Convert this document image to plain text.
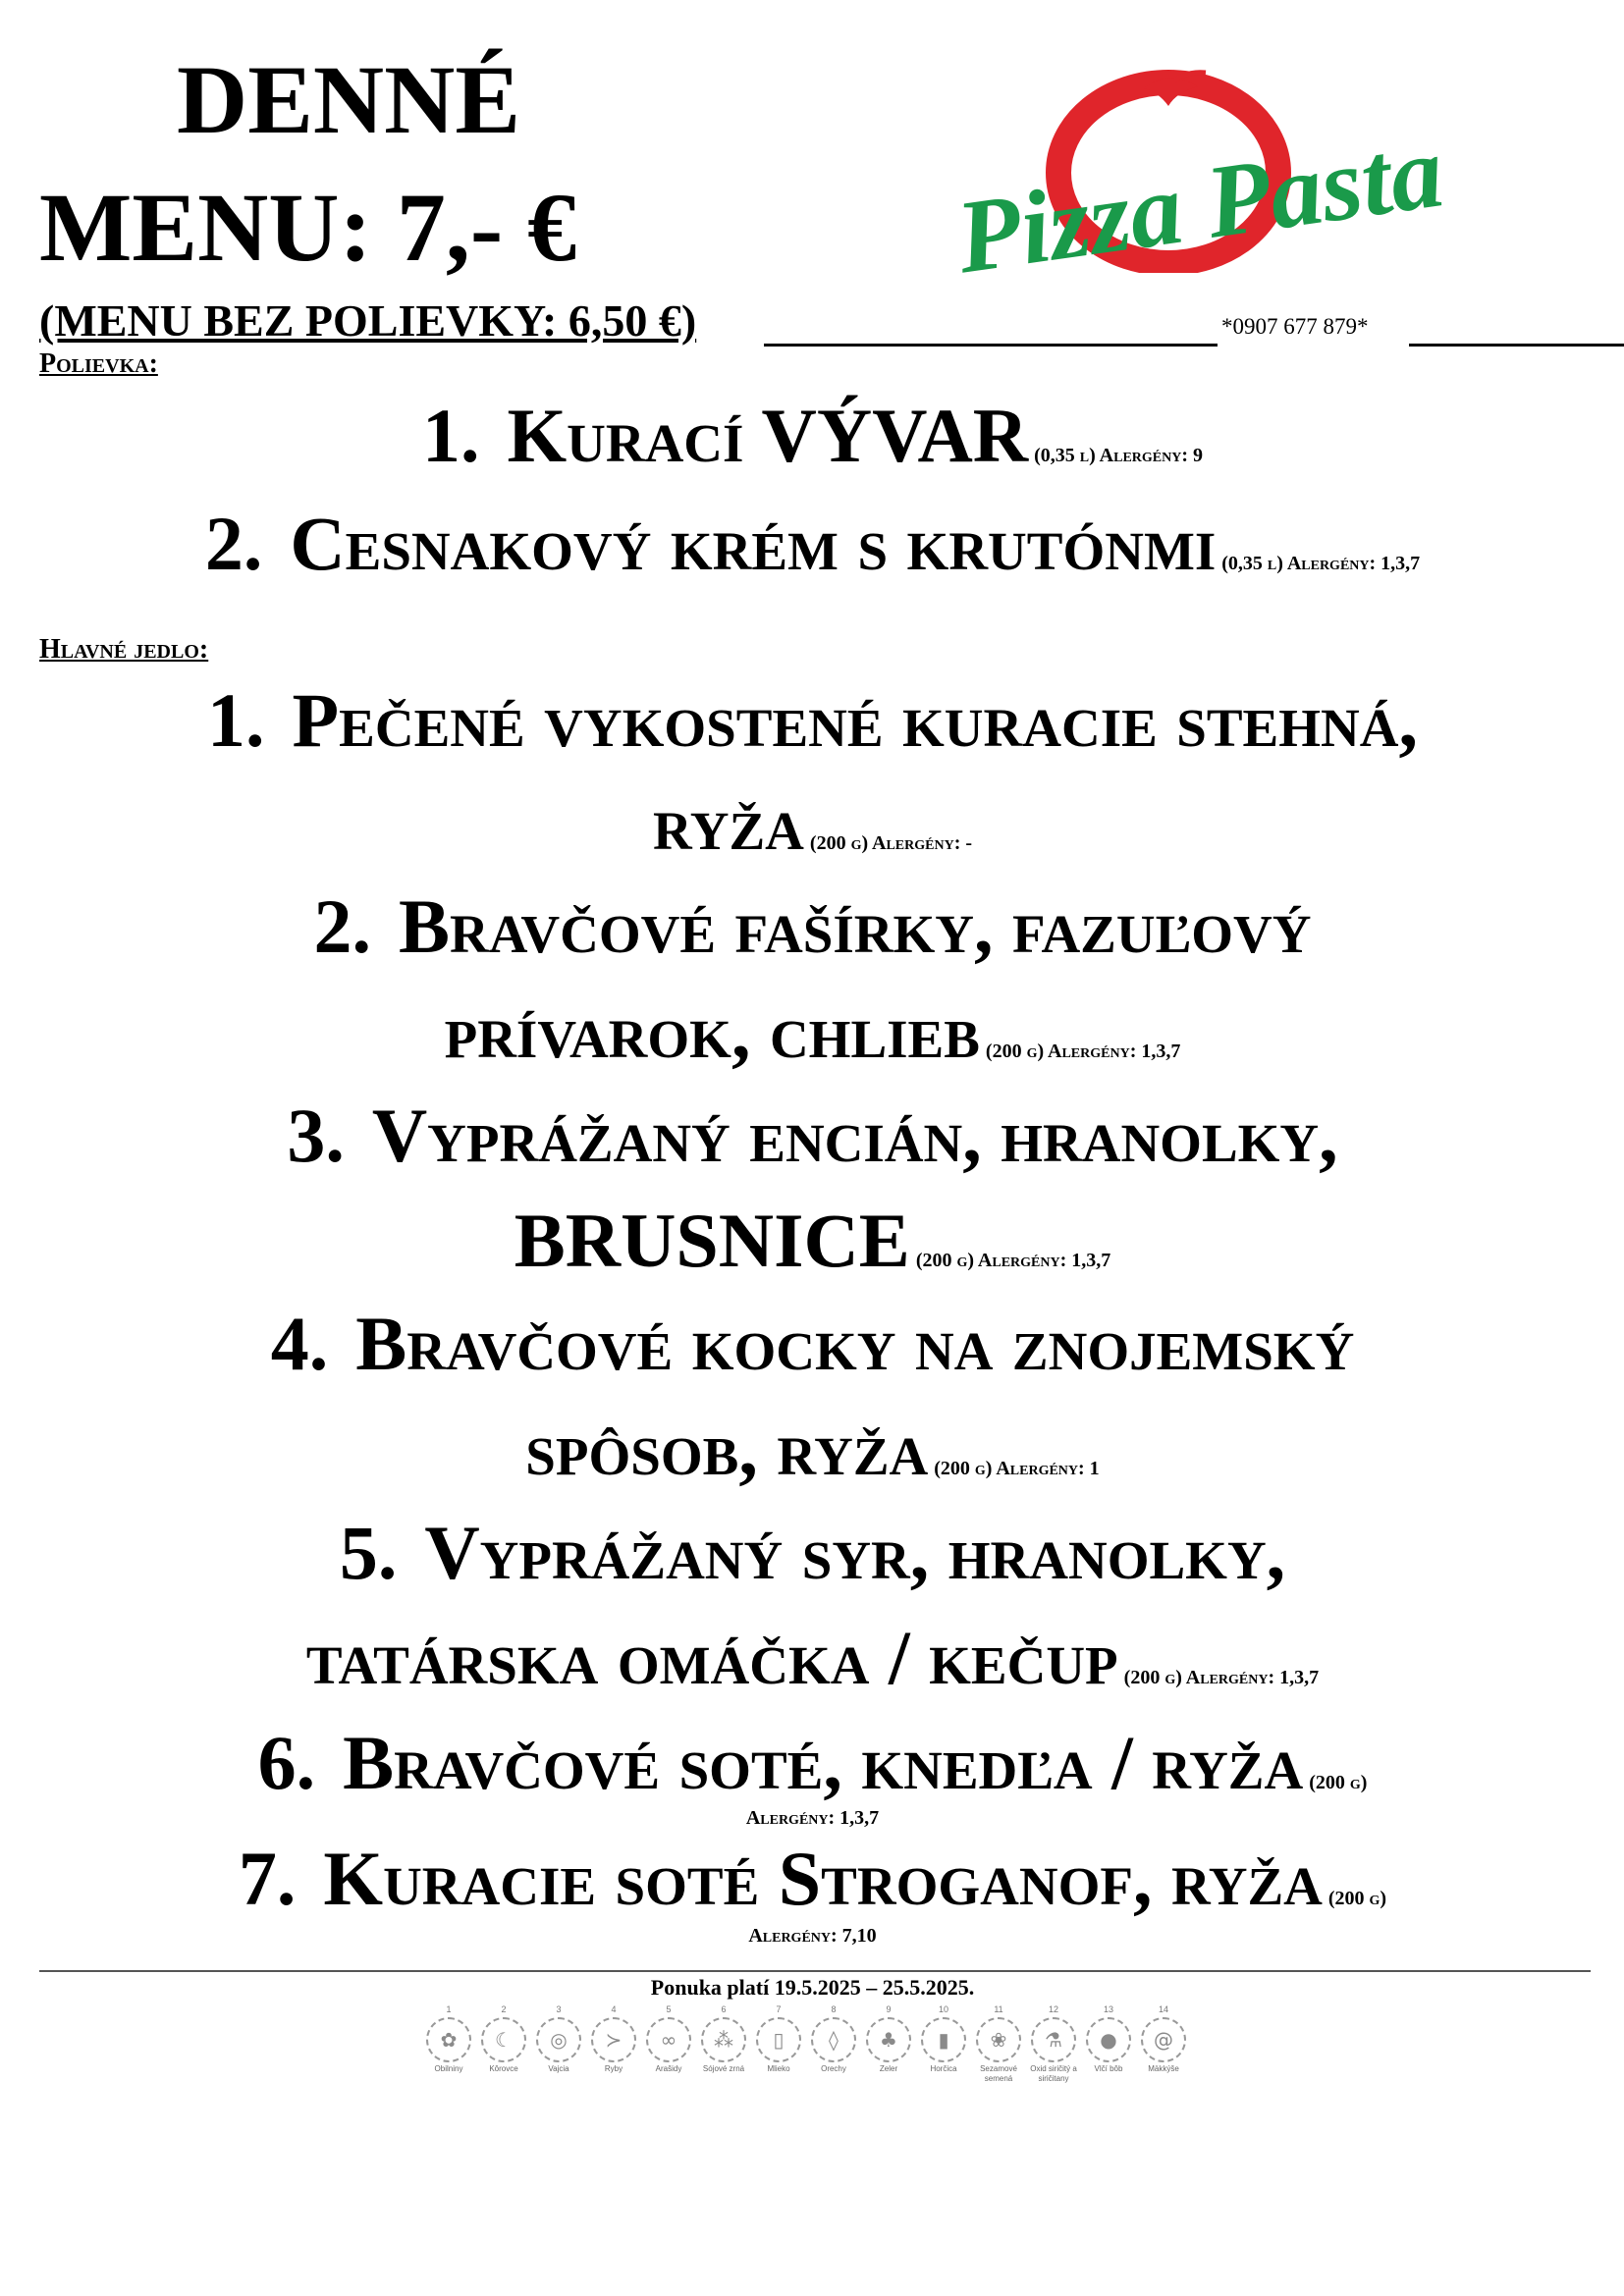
DENNÉ
MENU: 7,- €	Pizza Pasta
(MENU BEZ POLIEVKY: 6,50 €)	*0907 677 879*
Polievka:
1. Kurací VÝVAR (0,35 l) Alergény: 9
2. Cesnakový krém s krutónmi (0,35 l) Alergény: 1,3,7
Hlavné jedlo:
1. Pečené vykostené kuracie stehná,
ryža (200 g) Alergény: -
2. Bravčové fašírky, fazuľový
prívarok, chlieb (200 g) Alergény: 1,3,7
3. Vyprážaný encián, hranolky,
BRUSNICE (200 g) Alergény: 1,3,7
4. Bravčové kocky na znojemský
spôsob, ryža (200 g) Alergény: 1
5. Vyprážaný syr, hranolky,
tatárska omáčka / kečup (200 g) Alergény: 1,3,7
6. Bravčové soté, knedľa / ryža (200 g)
Alergény: 1,3,7
7. Kuracie soté Stroganof, ryža (200 g)
Alergény: 7,10
Ponuka platí 19.5.2025 – 25.5.2025.
1
✿
Obilniny
2
☾
Kôrovce
3
◎
Vajcia
4
≻
Ryby
5
∞
Arašidy
6
⁂
Sójové zrná
7
▯
Mlieko
8
◊
Orechy
9
♣
Zeler
10
▮
Horčica
11
❀
Sezamové semená
12
⚗
Oxid siričitý a siričitany
13
●
Vlčí bôb
14
@
Mäkkýše
